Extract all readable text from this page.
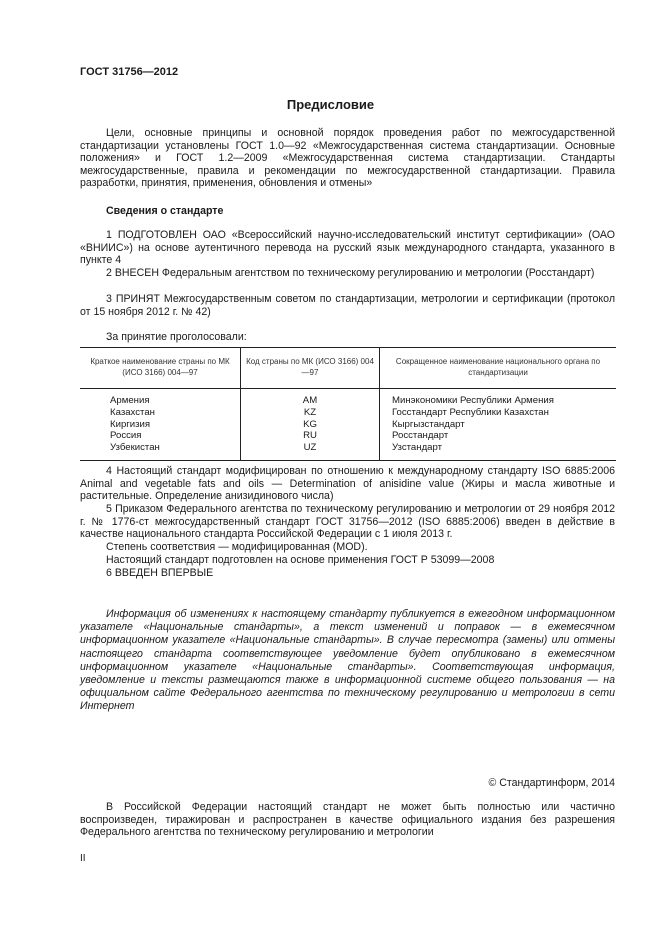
ГОСТ 31756—2012
Предисловие

Цели, основные принципы и основной порядок проведения работ по межгосударственной стандартизации установлены ГОСТ 1.0—92 «Межгосударственная система стандартизации. Основные положения» и ГОСТ 1.2—2009 «Межгосударственная система стандартизации. Стандарты межгосударственные, правила и рекомендации по межгосударственной стандартизации. Правила разработки, принятия, применения, обновления и отмены»

Сведения о стандарте

1 ПОДГОТОВЛЕН ОАО «Всероссийский научно-исследовательский институт сертификации» (ОАО «ВНИИС») на основе аутентичного перевода на русский язык международного стандарта, указанного в пункте 4

2 ВНЕСЕН Федеральным агентством по техническому регулированию и метрологии (Росстандарт)

3 ПРИНЯТ Межгосударственным советом по стандартизации, метрологии и сертификации (протокол от 15 ноября 2012 г. № 42)

За принятие проголосовали:
Краткое наименование страны по МК (ИСО 3166) 004—97	Код страны по МК (ИСО 3166) 004—97	Сокращенное наименование национального органа по стандартизации
Армения	AM	Минэкономики Республики Армения
Казахстан	KZ	Госстандарт Республики Казахстан
Киргизия	KG	Кыргызстандарт
Россия	RU	Росстандарт
Узбекистан	UZ	Узстандарт

4 Настоящий стандарт модифицирован по отношению к международному стандарту ISO 6885:2006 Animal and vegetable fats and oils — Determination of anisidine value (Жиры и масла животные и растительные. Определение анизидинового числа)

5 Приказом Федерального агентства по техническому регулированию и метрологии от 29 ноября 2012 г. № 1776-ст межгосударственный стандарт ГОСТ 31756—2012 (ISO 6885:2006) введен в действие в качестве национального стандарта Российской Федерации с 1 июля 2013 г.

Степень соответствия — модифицированная (MOD).

Настоящий стандарт подготовлен на основе применения ГОСТ Р 53099—2008

6 ВВЕДЕН ВПЕРВЫЕ

Информация об изменениях к настоящему стандарту публикуется в ежегодном информационном указателе «Национальные стандарты», а текст изменений и поправок — в ежемесячном информационном указателе «Национальные стандарты». В случае пересмотра (замены) или отмены настоящего стандарта соответствующее уведомление будет опубликовано в ежемесячном информационном указателе «Национальные стандарты». Соответствующая информация, уведомление и тексты размещаются также в информационной системе общего пользования — на официальном сайте Федерального агентства по техническому регулированию и метрологии в сети Интернет

© Стандартинформ, 2014

В Российской Федерации настоящий стандарт не может быть полностью или частично воспроизведен, тиражирован и распространен в качестве официального издания без разрешения Федерального агентства по техническому регулированию и метрологии

II
